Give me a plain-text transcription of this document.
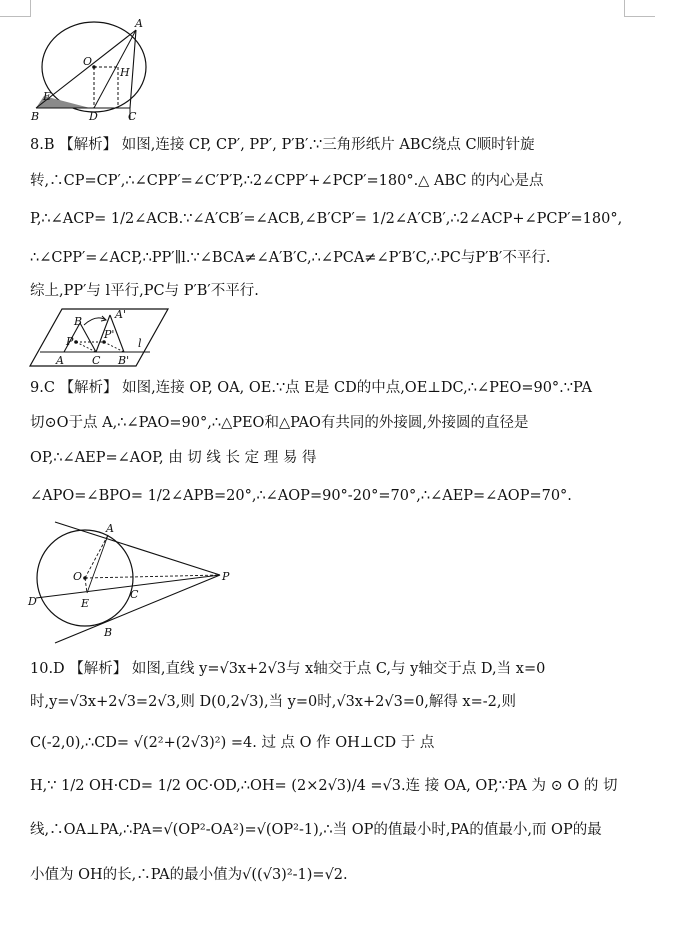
A
O
H
E
B	D	C
8.B 【解析】 如图,连接 CP, CP′, PP′, P′B′.∵三角形纸片 ABC绕点 C顺时针旋
转,∴CP=CP′,∴∠CPP′=∠C′P′P,∴2∠CPP′+∠PCP′=180°.△ ABC 的内心是点
P,∴∠ACP= 1/2∠ACB.∵∠A′CB′=∠ACB,∠B′CP′= 1/2∠A′CB′,∴2∠ACP+∠PCP′=180°,
∴∠CPP′=∠ACP,∴PP′∥l.∵∠BCA≠∠A′B′C,∴∠PCA≠∠P′B′C,∴PC与P′B′不平行.
综上,PP′与 l平行,PC与 P′B′不平行.
B
A'
P
P'
A	C B'
l
9.C 【解析】 如图,连接 OP, OA, OE.∵点 E是 CD的中点,OE⊥DC,∴∠PEO=90°.∵PA
切⊙O于点 A,∴∠PAO=90°,∴△PEO和△PAO有共同的外接圆,外接圆的直径是
OP,∴∠AEP=∠AOP, 由 切 线 长 定 理 易 得
∠APO=∠BPO= 1/2∠APB=20°,∴∠AOP=90°-20°=70°,∴∠AEP=∠AOP=70°.
A
O
E
C
P
D
B
10.D 【解析】 如图,直线 y=√3x+2√3与 x轴交于点 C,与 y轴交于点 D,当 x=0
时,y=√3x+2√3=2√3,则 D(0,2√3),当 y=0时,√3x+2√3=0,解得 x=-2,则
C(-2,0),∴CD= √(2²+(2√3)²) =4. 过 点 O 作 OH⊥CD 于 点
H,∵ 1/2 OH·CD= 1/2 OC·OD,∴OH= (2×2√3)/4 =√3.连 接 OA, OP,∵PA 为 ⊙ O 的 切
线,∴OA⊥PA,∴PA=√(OP²-OA²)=√(OP²-1),∴当 OP的值最小时,PA的值最小,而 OP的最
小值为 OH的长,∴PA的最小值为√((√3)²-1)=√2.
